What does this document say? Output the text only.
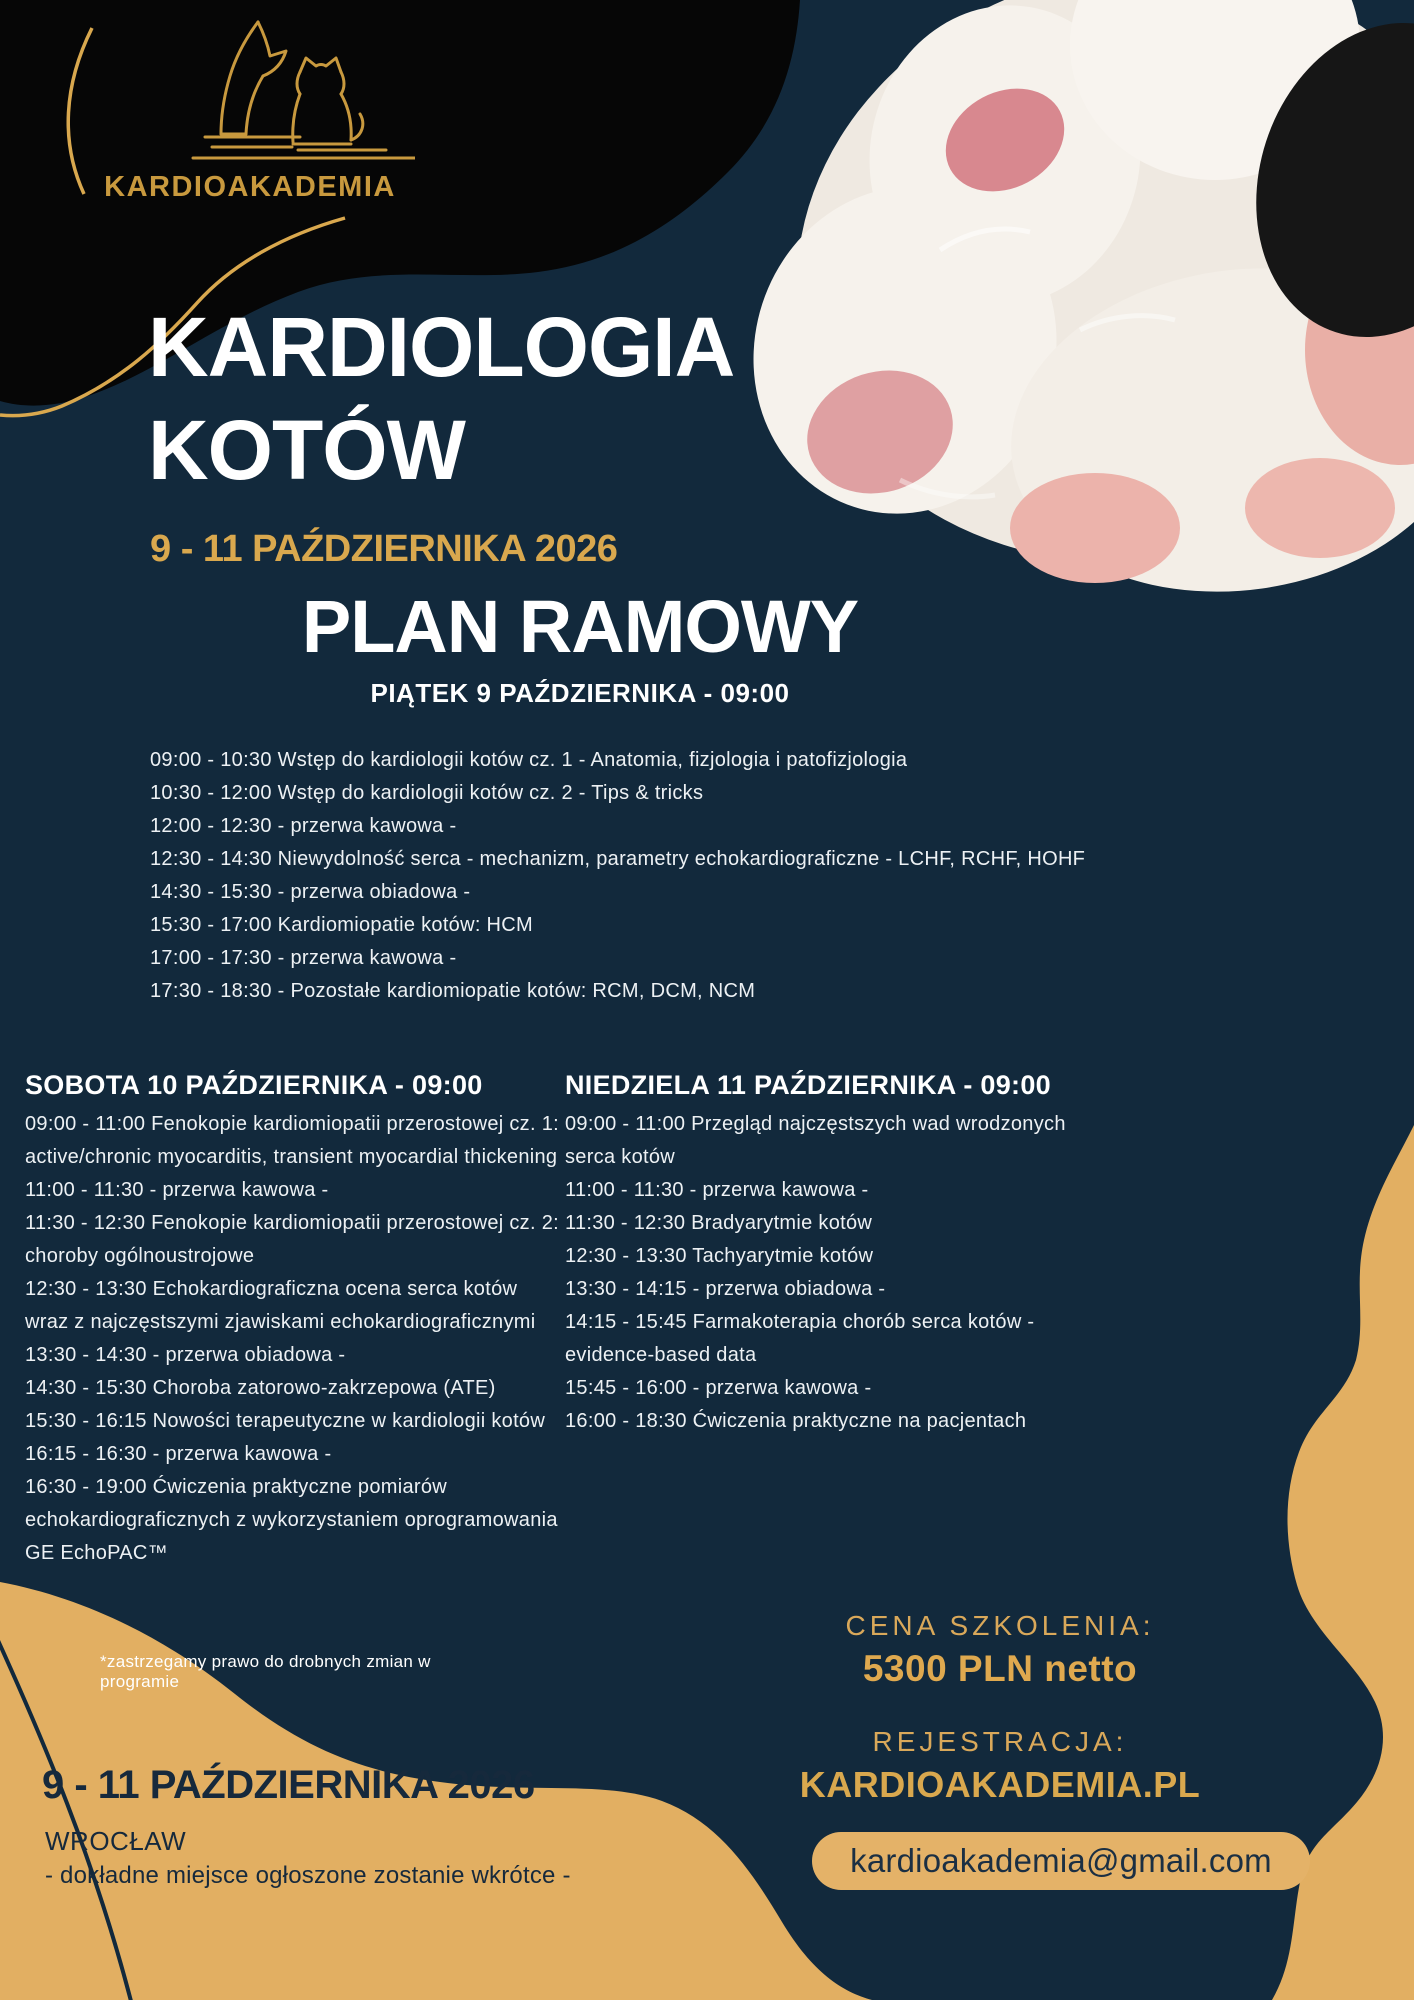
KARDIOAKADEMIA
KARDIOLOGIA
KOTÓW
9 - 11 PAŹDZIERNIKA 2026
PLAN RAMOWY
PIĄTEK 9 PAŹDZIERNIKA - 09:00
09:00 - 10:30 Wstęp do kardiologii kotów cz. 1 - Anatomia, fizjologia i patofizjologia
10:30 - 12:00 Wstęp do kardiologii kotów cz. 2 - Tips & tricks
12:00 - 12:30 - przerwa kawowa -
12:30 - 14:30 Niewydolność serca - mechanizm, parametry echokardiograficzne - LCHF, RCHF, HOHF
14:30 - 15:30 - przerwa obiadowa -
15:30 - 17:00 Kardiomiopatie kotów: HCM
17:00 - 17:30 - przerwa kawowa -
17:30 - 18:30 - Pozostałe kardiomiopatie kotów: RCM, DCM, NCM
SOBOTA 10 PAŹDZIERNIKA - 09:00
09:00 - 11:00 Fenokopie kardiomiopatii przerostowej cz. 1: active/chronic myocarditis, transient myocardial thickening
11:00 - 11:30 - przerwa kawowa -
11:30 - 12:30 Fenokopie kardiomiopatii przerostowej cz. 2: choroby ogólnoustrojowe
12:30 - 13:30 Echokardiograficzna ocena serca kotów wraz z najczęstszymi zjawiskami echokardiograficznymi
13:30 - 14:30 - przerwa obiadowa -
14:30 - 15:30 Choroba zatorowo-zakrzepowa (ATE)
15:30 - 16:15 Nowości terapeutyczne w kardiologii kotów
16:15 - 16:30 - przerwa kawowa -
16:30 - 19:00 Ćwiczenia praktyczne pomiarów echokardiograficznych z wykorzystaniem oprogramowania GE EchoPAC™
NIEDZIELA 11 PAŹDZIERNIKA - 09:00
09:00 - 11:00 Przegląd najczęstszych wad wrodzonych serca kotów
11:00 - 11:30 - przerwa kawowa -
11:30 - 12:30 Bradyarytmie kotów
12:30 - 13:30 Tachyarytmie kotów
13:30 - 14:15 - przerwa obiadowa -
14:15 - 15:45 Farmakoterapia chorób serca kotów - evidence-based data
15:45 - 16:00 - przerwa kawowa -
16:00 - 18:30 Ćwiczenia praktyczne na pacjentach
*zastrzegamy prawo do drobnych zmian w programie
9 - 11 PAŹDZIERNIKA 2026
WROCŁAW
- dokładne miejsce ogłoszone zostanie wkrótce -
CENA SZKOLENIA:
5300 PLN netto
REJESTRACJA:
KARDIOAKADEMIA.PL
kardioakademia@gmail.com
